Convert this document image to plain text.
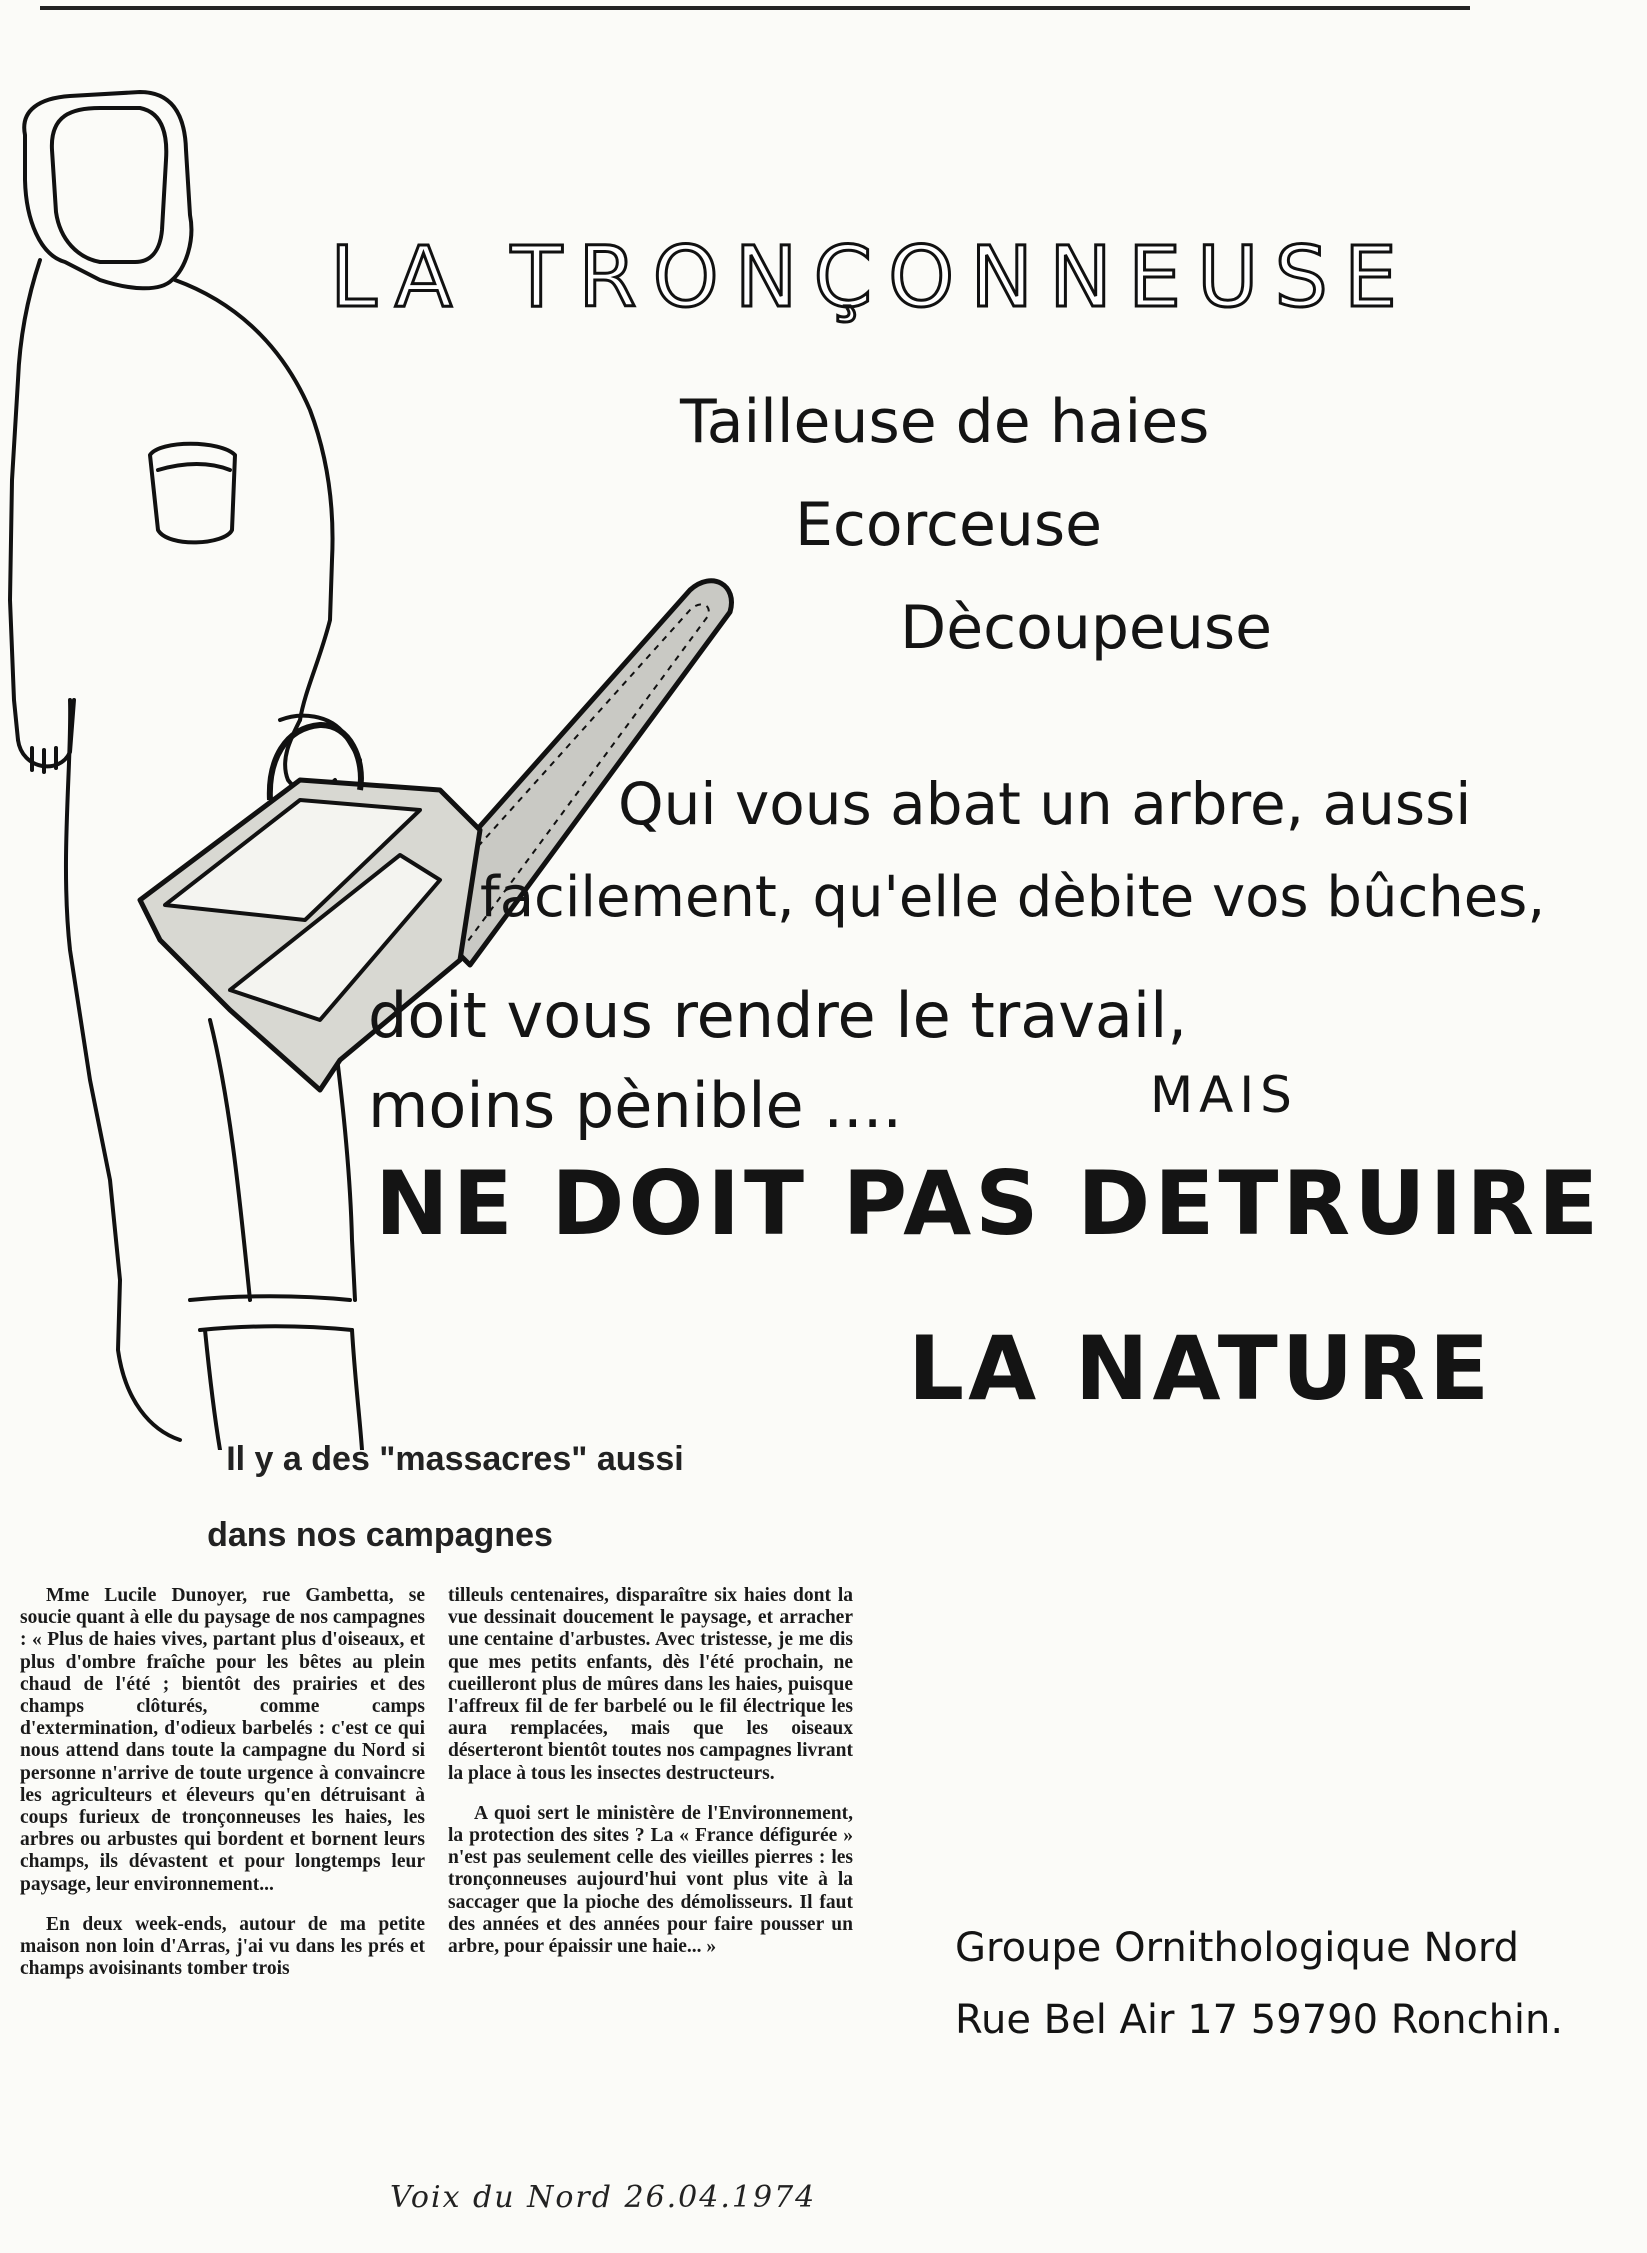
LA TRONÇONNEUSE

Tailleuse de haies

Ecorceuse

Dècoupeuse

Qui vous abat un arbre, aussi

facilement, qu'elle dèbite vos bûches,

doit vous rendre le travail,

moins pènible ....	MAIS

NE DOIT PAS DETRUIRE

LA NATURE

Il y a des "massacres" aussi
dans nos campagnes

Mme Lucile Dunoyer, rue Gambetta, se soucie quant à elle du paysage de nos campagnes : « Plus de haies vives, partant plus d'oiseaux, et plus d'ombre fraîche pour les bêtes au plein chaud de l'été ; bientôt des prairies et des champs clôturés, comme camps d'extermination, d'odieux barbelés : c'est ce qui nous attend dans toute la campagne du Nord si personne n'arrive de toute urgence à convaincre les agriculteurs et éleveurs qu'en détruisant à coups furieux de tronçonneuses les haies, les arbres ou arbustes qui bordent et bornent leurs champs, ils dévastent et pour longtemps leur paysage, leur environnement...

En deux week-ends, autour de ma petite maison non loin d'Arras, j'ai vu dans les prés et champs avoisinants tomber trois

tilleuls centenaires, disparaître six haies dont la vue dessinait doucement le paysage, et arracher une centaine d'arbustes. Avec tristesse, je me dis que mes petits enfants, dès l'été prochain, ne cueilleront plus de mûres dans les haies, puisque l'affreux fil de fer barbelé ou le fil électrique les aura remplacées, mais que les oiseaux déserteront bientôt toutes nos campagnes livrant la place à tous les insectes destructeurs.

A quoi sert le ministère de l'Environnement, la protection des sites ? La « France défigurée » n'est pas seulement celle des vieilles pierres : les tronçonneuses aujourd'hui vont plus vite à la saccager que la pioche des démolisseurs. Il faut des années et des années pour faire pousser un arbre, pour épaissir une haie... »	Groupe Ornithologique Nord

Rue Bel Air 17 59790 Ronchin.

Voix du Nord 26.04.1974
